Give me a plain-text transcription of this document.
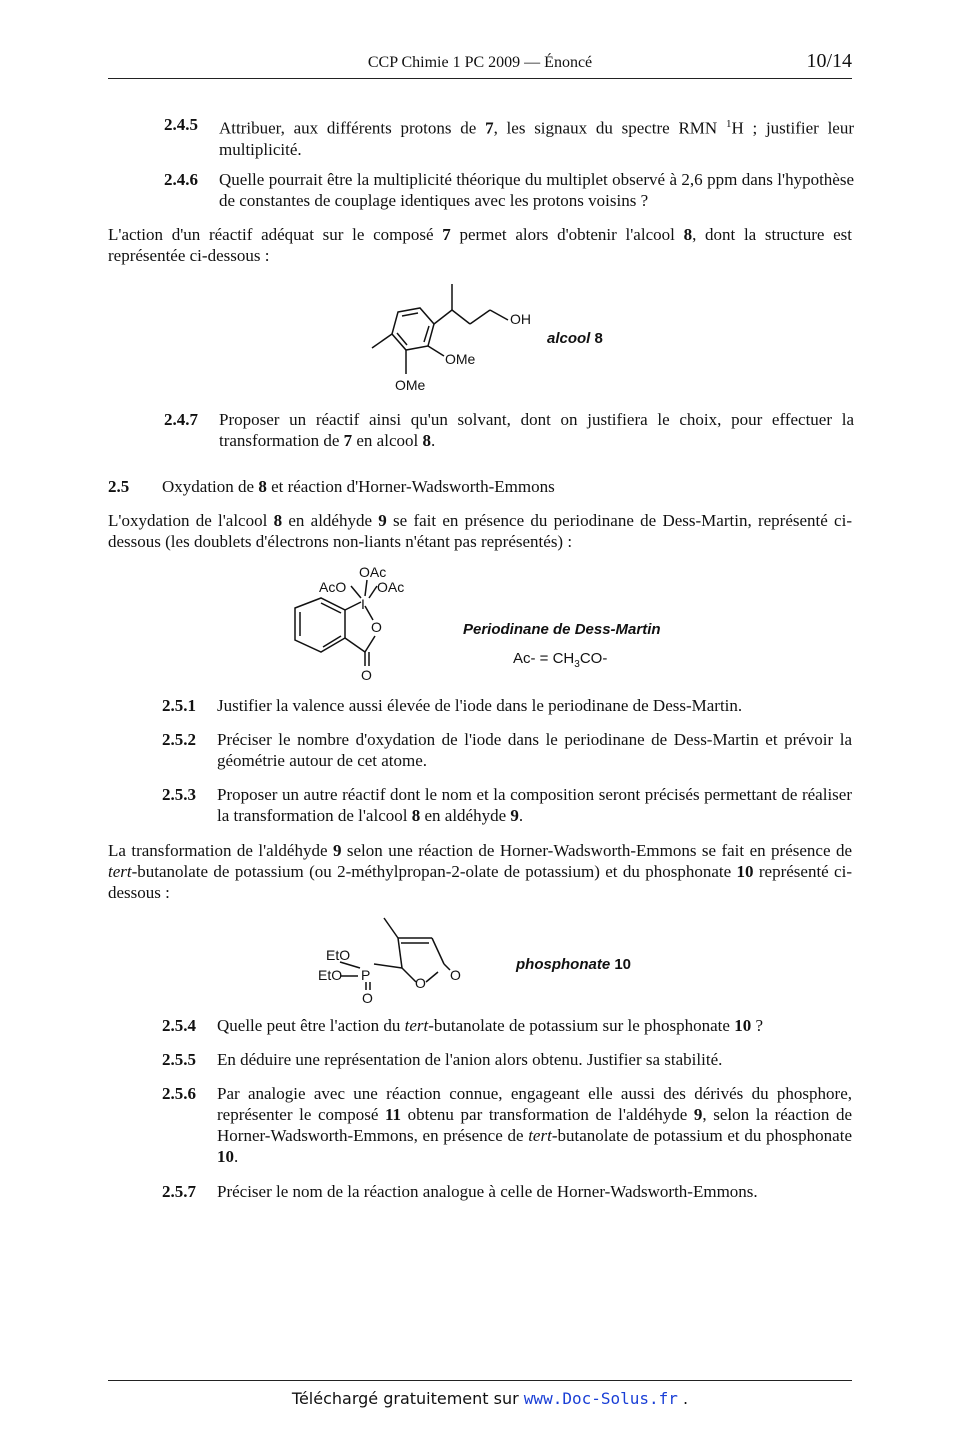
CCP Chimie 1 PC 2009 — Énoncé	10/14
2.4.5 Attribuer, aux différents protons de 7, les signaux du spectre RMN $^1$H ; justifier leur multiplicité.
2.4.6 Quelle pourrait être la multiplicité théorique du multiplet observé à 2,6 ppm dans l'hypothèse de constantes de couplage identiques avec les protons voisins ?
L'action d'un réactif adéquat sur le composé 7 permet alors d'obtenir l'alcool 8, dont la structure est représentée ci-dessous :
OH
OMe
OMe
alcool 8
2.4.7 Proposer un réactif ainsi qu'un solvant, dont on justifiera le choix, pour effectuer la transformation de 7 en alcool 8.
2.5 Oxydation de 8 et réaction d'Horner-Wadsworth-Emmons
L'oxydation de l'alcool 8 en aldéhyde 9 se fait en présence du periodinane de Dess-Martin, représenté ci-dessous (les doublets d'électrons non-liants n'étant pas représentés) :
OAc
AcO OAc
I
O
O
Periodinane de Dess-Martin
$Ac- = CH_3CO-$
2.5.1 Justifier la valence aussi élevée de l'iode dans le periodinane de Dess-Martin.
2.5.2 Préciser le nombre d'oxydation de l'iode dans le periodinane de Dess-Martin et prévoir la géométrie autour de cet atome.
2.5.3 Proposer un autre réactif dont le nom et la composition seront précisés permettant de réaliser la transformation de l'alcool 8 en aldéhyde 9.
La transformation de l'aldéhyde 9 selon une réaction de Horner-Wadsworth-Emmons se fait en présence de tert-butanolate de potassium (ou 2-méthylpropan-2-olate de potassium) et du phosphonate 10 représenté ci-dessous :
EtO
EtO P
O
O O
phosphonate 10
2.5.4 Quelle peut être l'action du tert-butanolate de potassium sur le phosphonate 10 ?
2.5.5 En déduire une représentation de l'anion alors obtenu. Justifier sa stabilité.
2.5.6 Par analogie avec une réaction connue, engageant elle aussi des dérivés du phosphore, représenter le composé 11 obtenu par transformation de l'aldéhyde 9, selon la réaction de Horner-Wadsworth-Emmons, en présence de tert-butanolate de potassium et du phosphonate 10.
2.5.7 Préciser le nom de la réaction analogue à celle de Horner-Wadsworth-Emmons.
Téléchargé gratuitement sur www.Doc-Solus.fr .
